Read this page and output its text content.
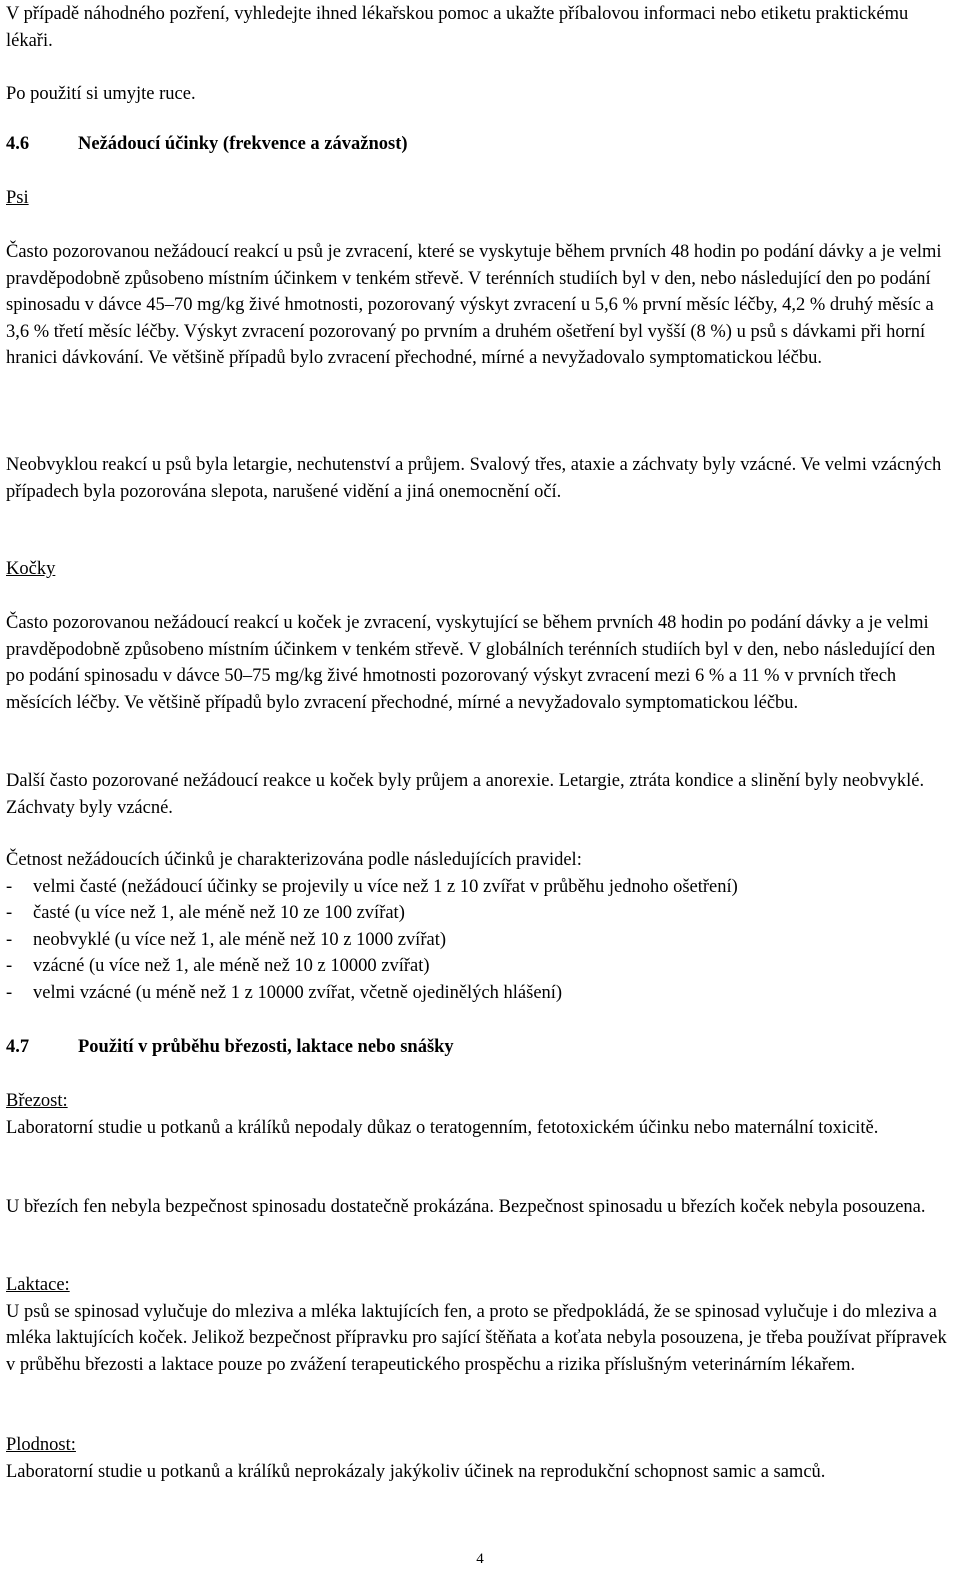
V případě náhodného pozření, vyhledejte ihned lékařskou pomoc a ukažte příbalovou informaci nebo etiketu praktickému lékaři.

Po použití si umyjte ruce.

4.6	Nežádoucí účinky (frekvence a závažnost)

Psi

Často pozorovanou nežádoucí reakcí u psů je zvracení, které se vyskytuje během prvních 48 hodin po podání dávky a je velmi pravděpodobně způsobeno místním účinkem v tenkém střevě. V terénních studiích byl v den, nebo následující den po podání spinosadu v dávce 45–70 mg/kg živé hmotnosti, pozorovaný výskyt zvracení u 5,6 % první měsíc léčby, 4,2 % druhý měsíc a 3,6 % třetí měsíc léčby. Výskyt zvracení pozorovaný po prvním a druhém ošetření byl vyšší (8 %) u psů s dávkami při horní hranici dávkování. Ve většině případů bylo zvracení přechodné, mírné a nevyžadovalo symptomatickou léčbu.

Neobvyklou reakcí u psů byla letargie, nechutenství a průjem. Svalový třes, ataxie a záchvaty byly vzácné. Ve velmi vzácných případech byla pozorována slepota, narušené vidění a jiná onemocnění očí.

Kočky

Často pozorovanou nežádoucí reakcí u koček je zvracení, vyskytující se během prvních 48 hodin po podání dávky a je velmi pravděpodobně způsobeno místním účinkem v tenkém střevě. V globálních terénních studiích byl v den, nebo následující den po podání spinosadu v dávce 50–75 mg/kg živé hmotnosti pozorovaný výskyt zvracení mezi 6 % a 11 % v prvních třech měsících léčby. Ve většině případů bylo zvracení přechodné, mírné a nevyžadovalo symptomatickou léčbu.

Další často pozorované nežádoucí reakce u koček byly průjem a anorexie. Letargie, ztráta kondice a slinění byly neobvyklé. Záchvaty byly vzácné.

Četnost nežádoucích účinků je charakterizována podle následujících pravidel:

-	velmi časté (nežádoucí účinky se projevily u více než 1 z 10 zvířat v průběhu jednoho ošetření)
-	časté (u více než 1, ale méně než 10 ze 100 zvířat)
-	neobvyklé (u více než 1, ale méně než 10 z 1000 zvířat)
-	vzácné (u více než 1, ale méně než 10 z 10000 zvířat)
-	velmi vzácné (u méně než 1 z 10000 zvířat, včetně ojedinělých hlášení)

4.7	Použití v průběhu březosti, laktace nebo snášky

Březost:

Laboratorní studie u potkanů a králíků nepodaly důkaz o teratogenním, fetotoxickém účinku nebo maternální toxicitě.

U březích fen nebyla bezpečnost spinosadu dostatečně prokázána. Bezpečnost spinosadu u březích koček nebyla posouzena.

Laktace:

U psů se spinosad vylučuje do mleziva a mléka laktujících fen, a proto se předpokládá, že se spinosad vylučuje i do mleziva a mléka laktujících koček. Jelikož bezpečnost přípravku pro sající štěňata a koťata nebyla posouzena, je třeba používat přípravek v průběhu březosti a laktace pouze po zvážení terapeutického prospěchu a rizika příslušným veterinárním lékařem.

Plodnost:

Laboratorní studie u potkanů a králíků neprokázaly jakýkoliv účinek na reprodukční schopnost samic a samců.

4
